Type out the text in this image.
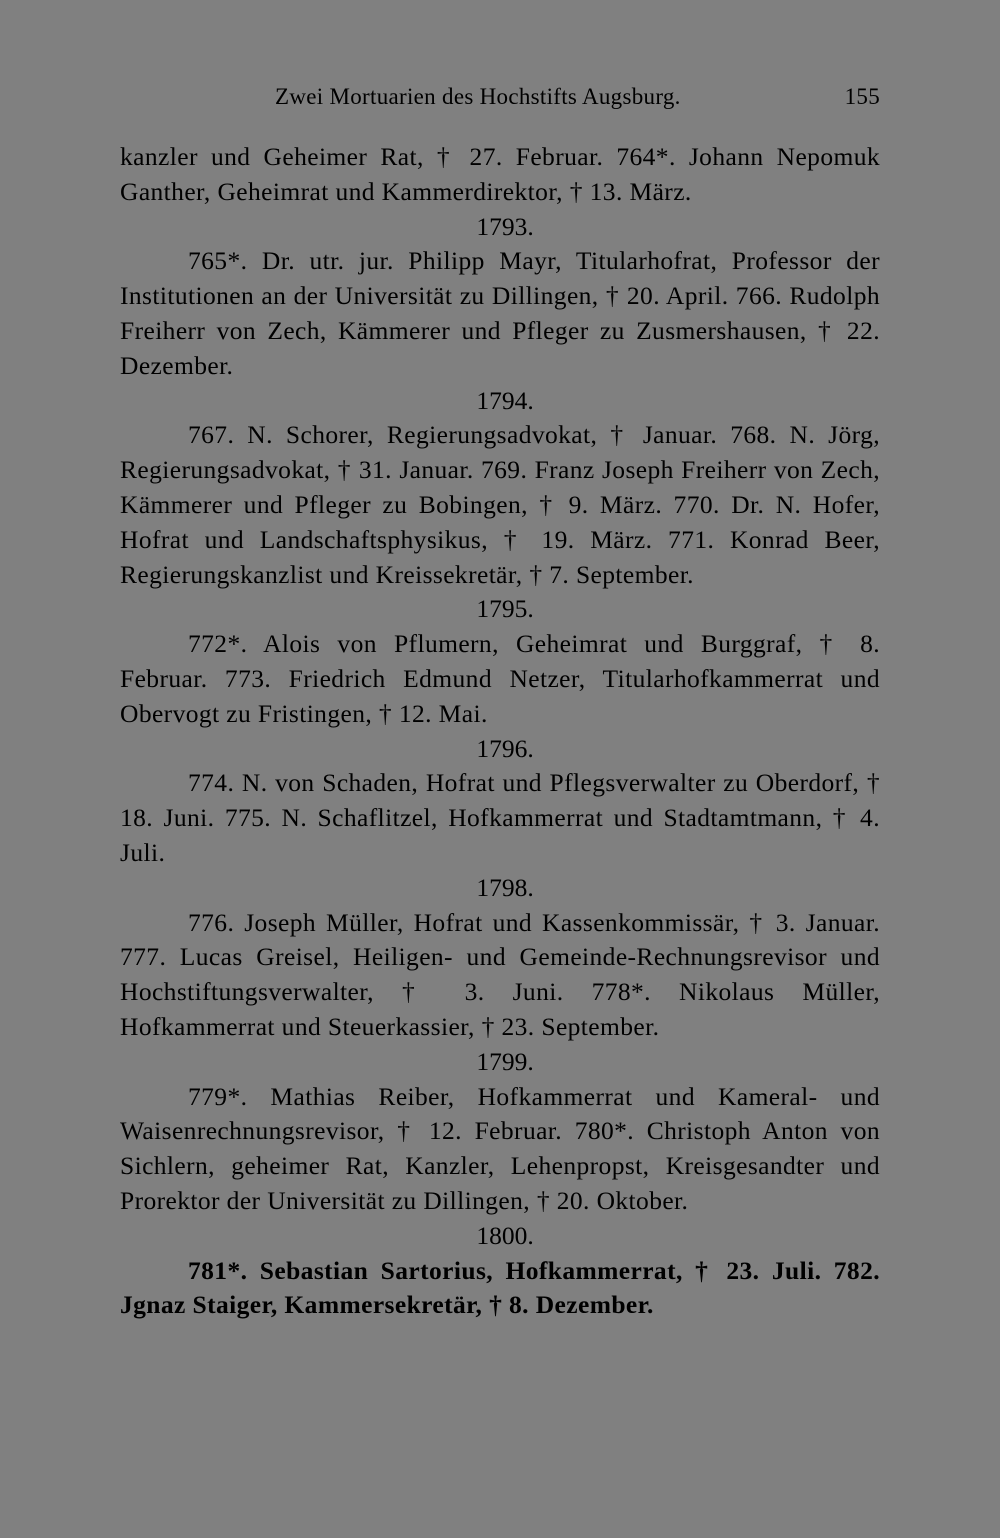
Zwei Mortuarien des Hochstifts Augsburg.	155

kanzler und Geheimer Rat, † 27. Februar. 764*. Johann Nepomuk Ganther, Geheimrat und Kammerdirektor, † 13. März.

1793.

765*. Dr. utr. jur. Philipp Mayr, Titularhofrat, Professor der Institutionen an der Universität zu Dillingen, † 20. April. 766. Rudolph Freiherr von Zech, Kämmerer und Pfleger zu Zusmershausen, † 22. Dezember.

1794.

767. N. Schorer, Regierungsadvokat, † Januar. 768. N. Jörg, Regierungsadvokat, † 31. Januar. 769. Franz Joseph Freiherr von Zech, Kämmerer und Pfleger zu Bobingen, † 9. März. 770. Dr. N. Hofer, Hofrat und Landschaftsphysikus, † 19. März. 771. Konrad Beer, Regierungskanzlist und Kreissekretär, † 7. September.

1795.

772*. Alois von Pflumern, Geheimrat und Burggraf, † 8. Februar. 773. Friedrich Edmund Netzer, Titularhofkammerrat und Obervogt zu Fristingen, † 12. Mai.

1796.

774. N. von Schaden, Hofrat und Pflegsverwalter zu Oberdorf, † 18. Juni. 775. N. Schaflitzel, Hofkammerrat und Stadtamtmann, † 4. Juli.

1798.

776. Joseph Müller, Hofrat und Kassenkommissär, † 3. Januar. 777. Lucas Greisel, Heiligen- und Gemeinde-Rechnungsrevisor und Hochstiftungsverwalter, † 3. Juni. 778*. Nikolaus Müller, Hofkammerrat und Steuerkassier, † 23. September.

1799.

779*. Mathias Reiber, Hofkammerrat und Kameral- und Waisenrechnungsrevisor, † 12. Februar. 780*. Christoph Anton von Sichlern, geheimer Rat, Kanzler, Lehenpropst, Kreisgesandter und Prorektor der Universität zu Dillingen, † 20. Oktober.

1800.

781*. Sebastian Sartorius, Hofkammerrat, † 23. Juli. 782. Jgnaz Staiger, Kammersekretär, † 8. Dezember.
